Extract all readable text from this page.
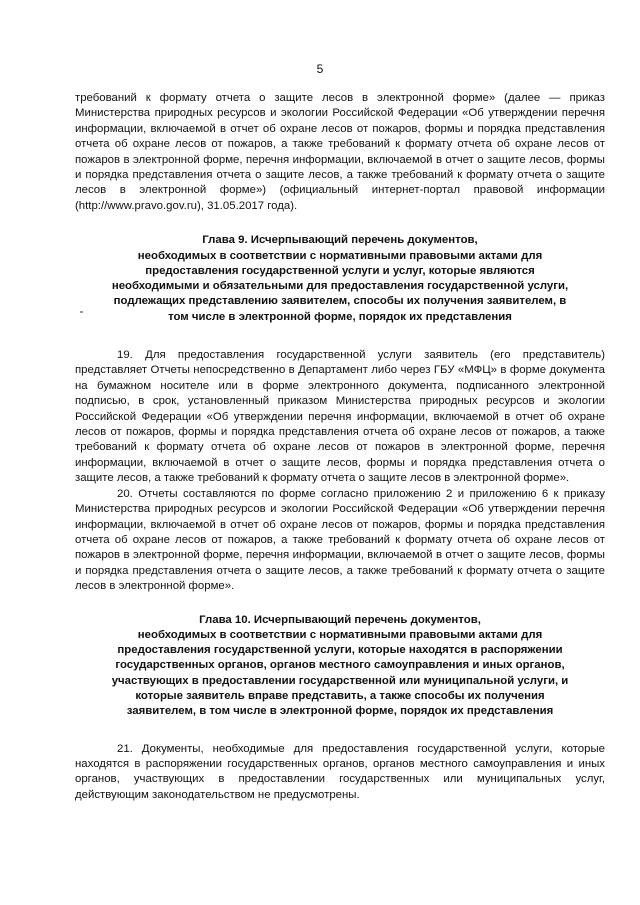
5

требований к формату отчета о защите лесов в электронной форме» (далее — приказ Министерства природных ресурсов и экологии Российской Федерации «Об утверждении перечня информации, включаемой в отчет об охране лесов от пожаров, формы и порядка представления отчета об охране лесов от пожаров, а также требований к формату отчета об охране лесов от пожаров в электронной форме, перечня информации, включаемой в отчет о защите лесов, формы и порядка представления отчета о защите лесов, а также требований к формату отчета о защите лесов в электронной форме») (официальный интернет-портал правовой информации (http://www.pravo.gov.ru), 31.05.2017 года).

Глава 9. Исчерпывающий перечень документов,
необходимых в соответствии с нормативными правовыми актами для
предоставления государственной услуги и услуг, которые являются
необходимыми и обязательными для предоставления государственной услуги,
подлежащих представлению заявителем, способы их получения заявителем, в
том числе в электронной форме, порядок их представления

19. Для предоставления государственной услуги заявитель (его представитель) представляет Отчеты непосредственно в Департамент либо через ГБУ «МФЦ» в форме документа на бумажном носителе или в форме электронного документа, подписанного электронной подписью, в срок, установленный приказом Министерства природных ресурсов и экологии Российской Федерации «Об утверждении перечня информации, включаемой в отчет об охране лесов от пожаров, формы и порядка представления отчета об охране лесов от пожаров, а также требований к формату отчета об охране лесов от пожаров в электронной форме, перечня информации, включаемой в отчет о защите лесов, формы и порядка представления отчета о защите лесов, а также требований к формату отчета о защите лесов в электронной форме».

20. Отчеты составляются по форме согласно приложению 2 и приложению 6 к приказу Министерства природных ресурсов и экологии Российской Федерации «Об утверждении перечня информации, включаемой в отчет об охране лесов от пожаров, формы и порядка представления отчета об охране лесов от пожаров, а также требований к формату отчета об охране лесов от пожаров в электронной форме, перечня информации, включаемой в отчет о защите лесов, формы и порядка представления отчета о защите лесов, а также требований к формату отчета о защите лесов в электронной форме».

Глава 10. Исчерпывающий перечень документов,
необходимых в соответствии с нормативными правовыми актами для
предоставления государственной услуги, которые находятся в распоряжении
государственных органов, органов местного самоуправления и иных органов,
участвующих в предоставлении государственной или муниципальной услуги, и
которые заявитель вправе представить, а также способы их получения
заявителем, в том числе в электронной форме, порядок их представления

21. Документы, необходимые для предоставления государственной услуги, которые находятся в распоряжении государственных органов, органов местного самоуправления и иных органов, участвующих в предоставлении государственных или муниципальных услуг, действующим законодательством не предусмотрены.
